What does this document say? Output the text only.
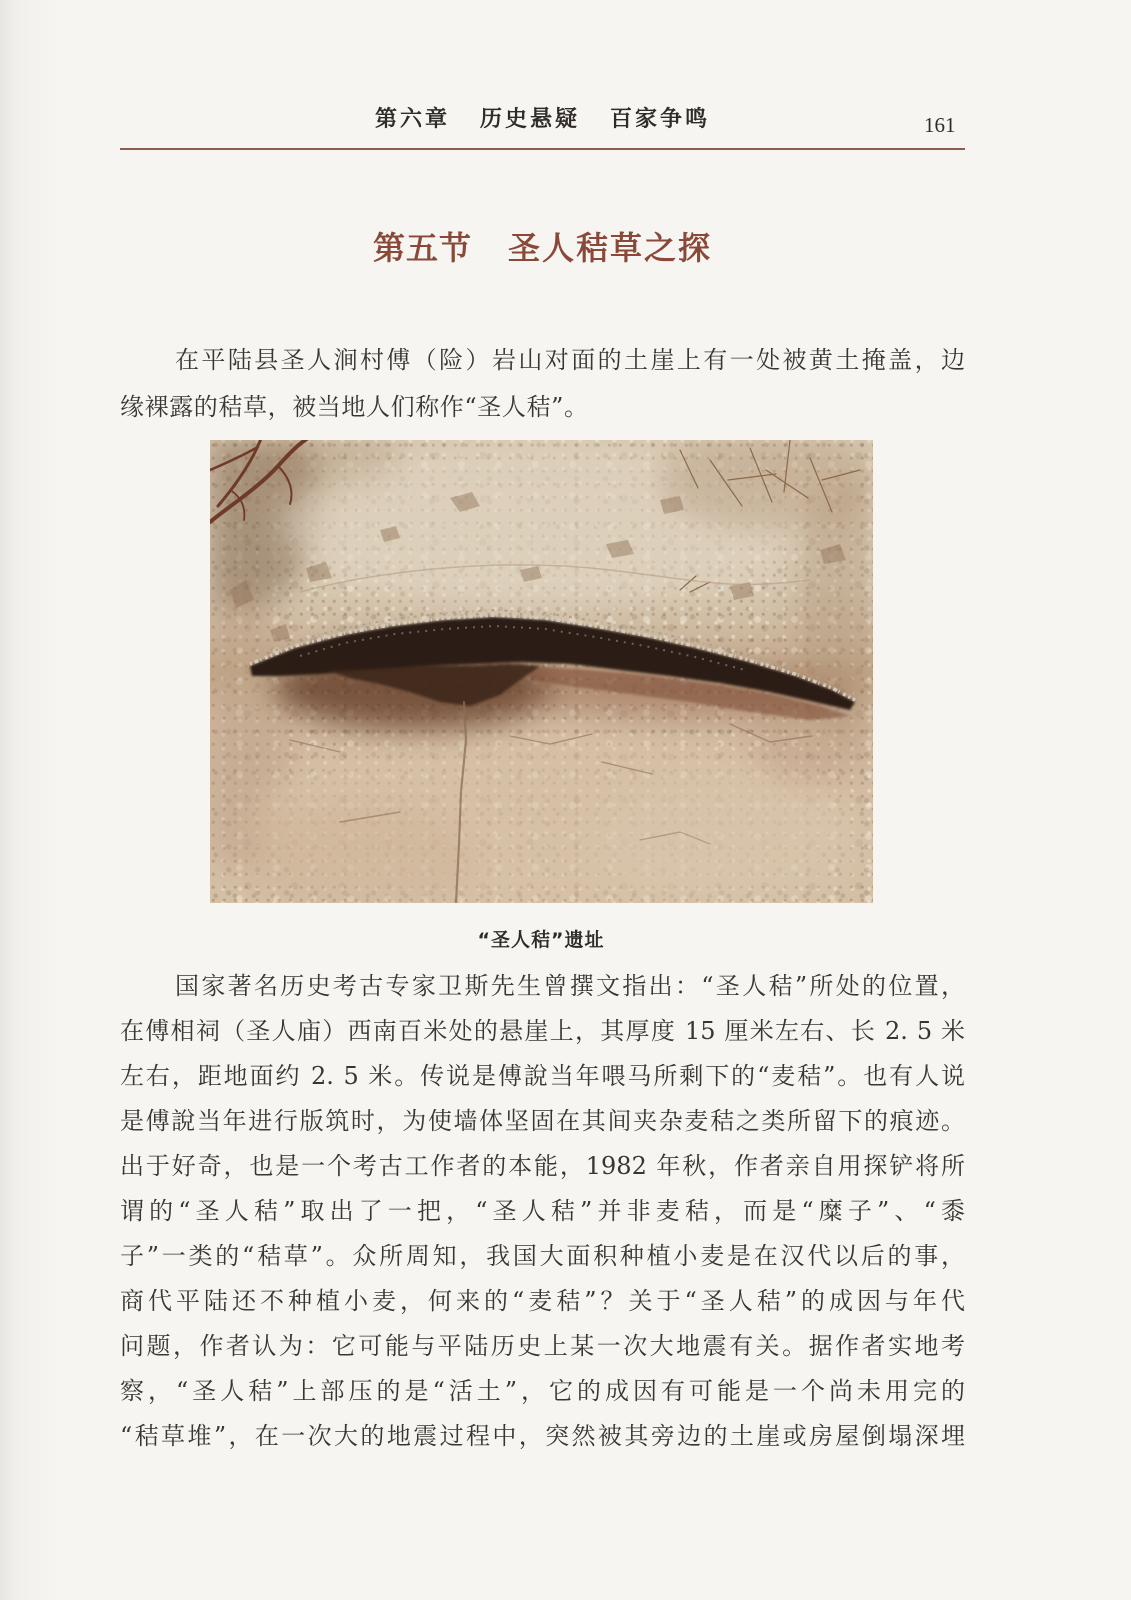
第六章 历史悬疑 百家争鸣	161
第五节 圣人秸草之探
在平陆县圣人涧村傅（险）岩山对面的土崖上有一处被黄土掩盖，边
缘裸露的秸草，被当地人们称作“圣人秸”。
“圣人秸”遗址
国家著名历史考古专家卫斯先生曾撰文指出：“圣人秸”所处的位置，
在傅相祠（圣人庙）西南百米处的悬崖上，其厚度 15 厘米左右、长 2. 5 米
左右，距地面约 2. 5 米。传说是傅說当年喂马所剩下的“麦秸”。也有人说
是傅說当年进行版筑时，为使墙体坚固在其间夹杂麦秸之类所留下的痕迹。
出于好奇，也是一个考古工作者的本能，1982 年秋，作者亲自用探铲将所
谓的“圣人秸”取出了一把，“圣人秸”并非麦秸，而是“糜子”、“黍
子”一类的“秸草”。众所周知，我国大面积种植小麦是在汉代以后的事，
商代平陆还不种植小麦，何来的“麦秸”？关于“圣人秸”的成因与年代
问题，作者认为：它可能与平陆历史上某一次大地震有关。据作者实地考
察，“圣人秸”上部压的是“活土”，它的成因有可能是一个尚未用完的
“秸草堆”，在一次大的地震过程中，突然被其旁边的土崖或房屋倒塌深埋
